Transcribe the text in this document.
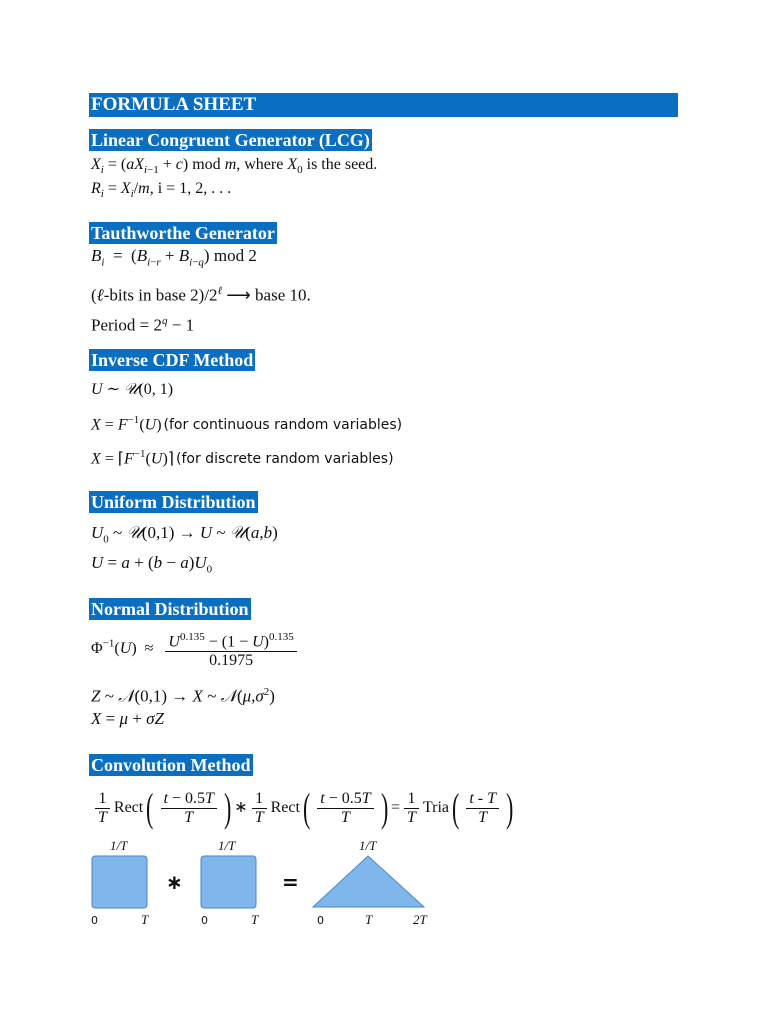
FORMULA SHEET
Linear Congruent Generator (LCG)
$X_i = (aX_{i-1} + c)$ mod m, where $X_0$ is the seed.
$R_i = X_i/m$, i = 1, 2, . . .
Tauthworthe Generator
$B_i = (B_{i-r} + B_{i-q})$ mod 2
(ℓ-bits in base $2)/2^\ell$ ⟶ base 10.
Period = $2^q - 1$
Inverse CDF Method
U ∼ 𝒰(0, 1)
$X = F^{-1}(U)$ (for continuous random variables)
$X = ⌈F^{-1}(U)⌉$ (for discrete random variables)
Uniform Distribution
$U_0$ ~ 𝒰(0,1) → U ~ 𝒰(a,b)
$U = a + (b - a)U_0$
Normal Distribution
$\Phi^{-1}(U) \approx \frac{U^{0.135} - (1 - U)^{0.135}}{0.1975}$
Z ~ 𝒩(0,1) → X ~ $𝒩(\mu,\sigma^2)$
X = μ + σZ
Convolution Method
$\frac{1}{T}$ Rect( $\frac{t - 0.5T}{T}$ ) ∗ $\frac{1}{T}$ Rect( $\frac{t - 0.5T}{T}$ ) = $\frac{1}{T}$ Tria( $\frac{t - T}{T}$ )
1/T	1/T	1/T
∗	=
0	T	0	T	0	T	2T
